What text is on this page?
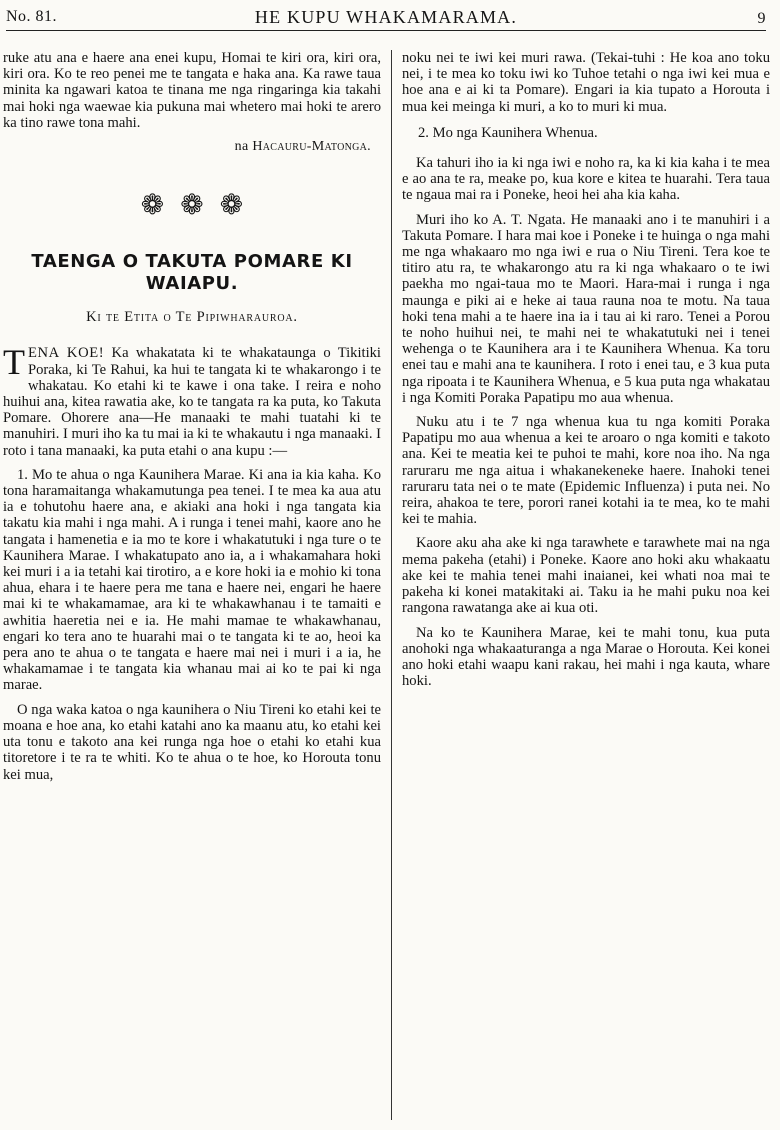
No. 81.	HE KUPU WHAKAMARAMA.	9

ruke atu ana e haere ana enei kupu, Homai te kiri ora, kiri ora, kiri ora. Ko te reo penei me te tangata e haka ana. Ka rawe taua minita ka ngawari katoa te tinana me nga ringaringa kia takahi mai hoki nga waewae kia pukuna mai whetero mai hoki te arero ka tino rawe tona mahi.

na Hacauru-Matonga.

❁ ❁ ❁
TAENGA O TAKUTA POMARE KI WAIAPU.
Ki te Etita o Te Pipiwharauroa.

TENA KOE! Ka whakatata ki te whakataunga o Tikitiki Poraka, ki Te Rahui, ka hui te tangata ki te whakarongo i te whakatau. Ko etahi ki te kawe i ona take. I reira e noho huihui ana, kitea rawatia ake, ko te tangata ra ka puta, ko Takuta Pomare. Ohorere ana—He manaaki te mahi tuatahi ki te manuhiri. I muri iho ka tu mai ia ki te whakautu i nga manaaki. I roto i tana manaaki, ka puta etahi o ana kupu :—

1. Mo te ahua o nga Kaunihera Marae. Ki ana ia kia kaha. Ko tona haramaitanga whakamutunga pea tenei. I te mea ka aua atu ia e tohutohu haere ana, e akiaki ana hoki i nga tangata kia takatu kia mahi i nga mahi. A i runga i tenei mahi, kaore ano he tangata i hamenetia e ia mo te kore i whakatutuki i nga ture o te Kaunihera Marae. I whakatupato ano ia, a i whakamahara hoki kei muri i a ia tetahi kai tirotiro, a e kore hoki ia e mohio ki tona ahua, ehara i te haere pera me tana e haere nei, engari he haere mai ki te whakamamae, ara ki te whakawhanau i te tamaiti e awhitia haeretia nei e ia. He mahi mamae te whakawhanau, engari ko tera ano te huarahi mai o te tangata ki te ao, heoi ka pera ano te ahua o te tangata e haere mai nei i muri i a ia, he whakamamae i te tangata kia whanau mai ai ko te pai ki nga marae.

O nga waka katoa o nga kaunihera o Niu Tireni ko etahi kei te moana e hoe ana, ko etahi katahi ano ka maanu atu, ko etahi kei uta tonu e takoto ana kei runga nga hoe o etahi ko etahi kua titoretore i te ra te whiti. Ko te ahua o te hoe, ko Horouta tonu kei mua,

noku nei te iwi kei muri rawa. (Tekai-tuhi : He koa ano toku nei, i te mea ko toku iwi ko Tuhoe tetahi o nga iwi kei mua e hoe ana e ai ki ta Pomare). Engari ia kia tupato a Horouta i mua kei meinga ki muri, a ko to muri ki mua.

2. Mo nga Kaunihera Whenua.

Ka tahuri iho ia ki nga iwi e noho ra, ka ki kia kaha i te mea e ao ana te ra, meake po, kua kore e kitea te huarahi. Tera taua te ngaua mai ra i Poneke, heoi hei aha kia kaha.

Muri iho ko A. T. Ngata. He manaaki ano i te manuhiri i a Takuta Pomare. I hara mai koe i Poneke i te huinga o nga mahi me nga whakaaro mo nga iwi e rua o Niu Tireni. Tera koe te titiro atu ra, te whakarongo atu ra ki nga whakaaro o te iwi paekha mo ngai-taua mo te Maori. Hara-mai i runga i nga maunga e piki ai e heke ai taua rauna noa te motu. Na taua hoki tena mahi a te haere ina ia i tau ai ki raro. Tenei a Porou te noho huihui nei, te mahi nei te whakatutuki nei i tenei wehenga o te Kaunihera ara i te Kaunihera Whenua. Ka toru enei tau e mahi ana te kaunihera. I roto i enei tau, e 3 kua puta nga ripoata i te Kaunihera Whenua, e 5 kua puta nga whakatau i nga Komiti Poraka Papatipu mo aua whenua.

Nuku atu i te 7 nga whenua kua tu nga komiti Poraka Papatipu mo aua whenua a kei te aroaro o nga komiti e takoto ana. Kei te meatia kei te puhoi te mahi, kore noa iho. Na nga raruraru me nga aitua i whakanekeneke haere. Inahoki tenei raruraru tata nei o te mate (Epidemic Influenza) i puta nei. No reira, ahakoa te tere, porori ranei kotahi ia te mea, ko te mahi kei te mahia.

Kaore aku aha ake ki nga tarawhete e tarawhete mai na nga mema pakeha (etahi) i Poneke. Kaore ano hoki aku whakaatu ake kei te mahia tenei mahi inaianei, kei whati noa mai te pakeha ki konei matakitaki ai. Taku ia he mahi puku noa kei rangona rawatanga ake ai kua oti.

Na ko te Kaunihera Marae, kei te mahi tonu, kua puta anohoki nga whakaaturanga a nga Marae o Horouta. Kei konei ano hoki etahi waapu kani rakau, hei mahi i nga kauta, whare hoki.
